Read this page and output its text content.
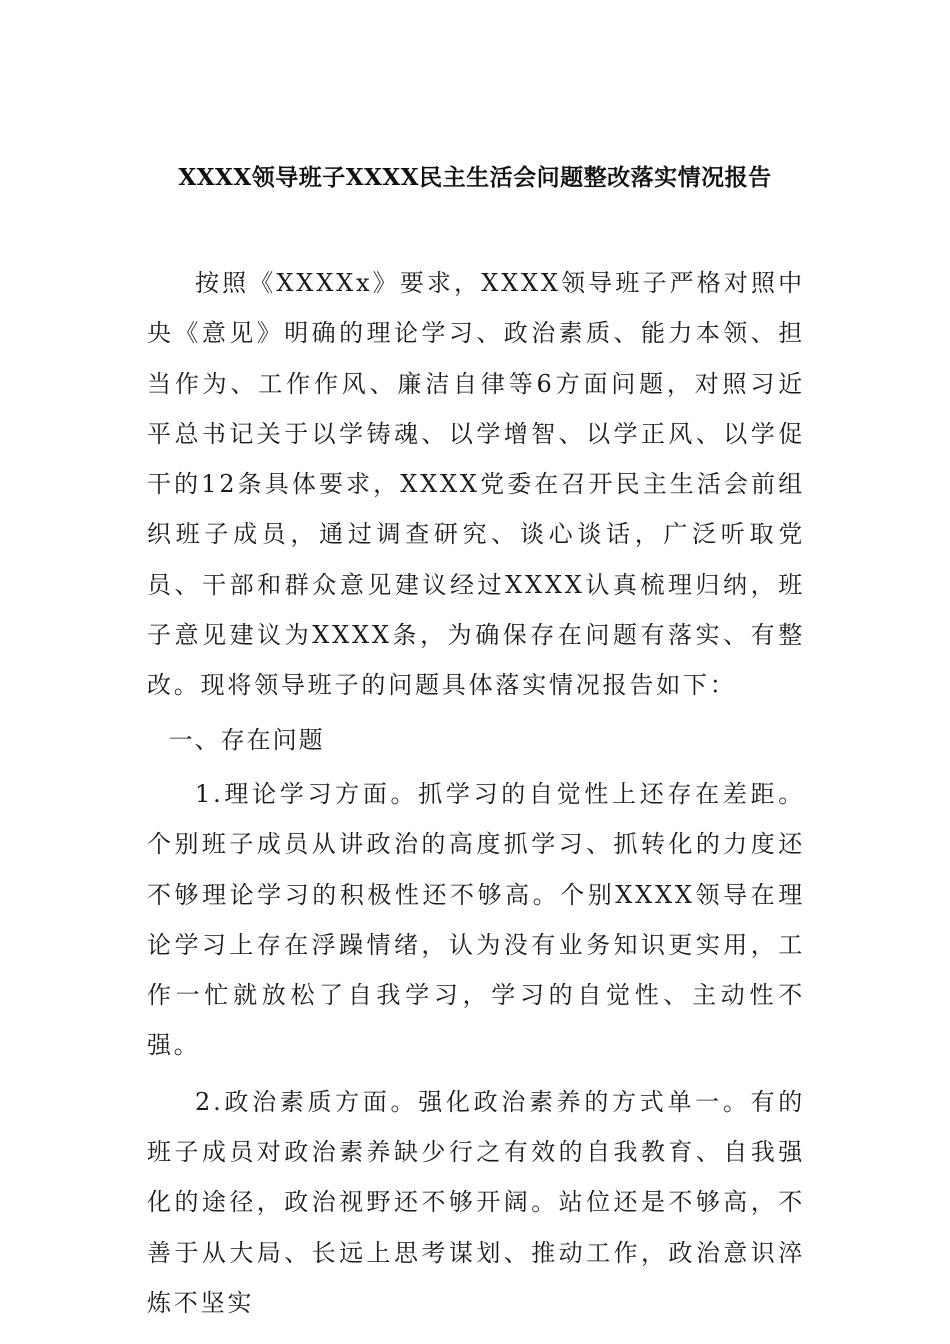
XXXX领导班子XXXX民主生活会问题整改落实情况报告

按照《XXXXx》要求，XXXX领导班子严格对照中央《意见》明确的理论学习、政治素质、能力本领、担当作为、工作作风、廉洁自律等6方面问题，对照习近平总书记关于以学铸魂、以学增智、以学正风、以学促干的12条具体要求，XXXX党委在召开民主生活会前组织班子成员，通过调查研究、谈心谈话，广泛听取党员、干部和群众意见建议经过XXXX认真梳理归纳，班子意见建议为XXXX条，为确保存在问题有落实、有整改。现将领导班子的问题具体落实情况报告如下：

一、存在问题

1.理论学习方面。抓学习的自觉性上还存在差距。个别班子成员从讲政治的高度抓学习、抓转化的力度还不够理论学习的积极性还不够高。个别XXXX领导在理论学习上存在浮躁情绪，认为没有业务知识更实用，工作一忙就放松了自我学习，学习的自觉性、主动性不强。

2.政治素质方面。强化政治素养的方式单一。有的班子成员对政治素养缺少行之有效的自我教育、自我强化的途径，政治视野还不够开阔。站位还是不够高，不善于从大局、长远上思考谋划、推动工作，政治意识淬炼不坚实
